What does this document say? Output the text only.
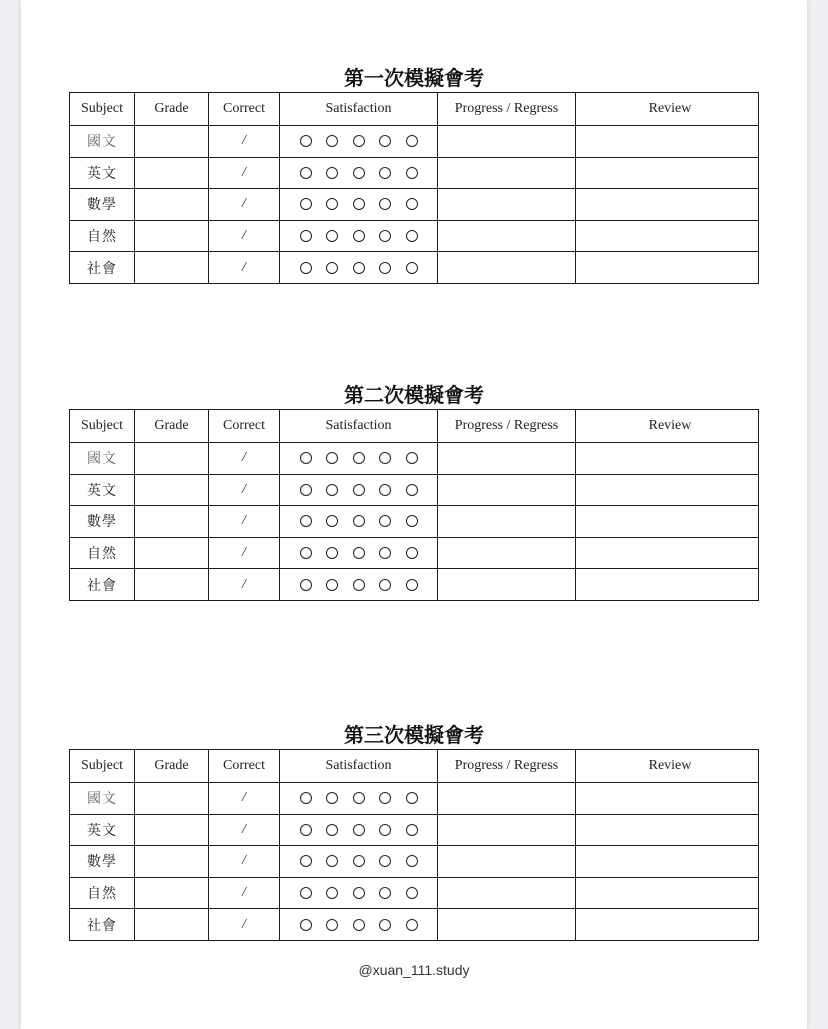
第一次模擬會考
Subject	Grade	Correct	Satisfaction	Progress / Regress	Review
國文		/	

英文		/	

數學		/	

自然		/	

社會		/	

第二次模擬會考
Subject	Grade	Correct	Satisfaction	Progress / Regress	Review
國文		/	

英文		/	

數學		/	

自然		/	

社會		/	

第三次模擬會考
Subject	Grade	Correct	Satisfaction	Progress / Regress	Review
國文		/	

英文		/	

數學		/	

自然		/	

社會		/	

@xuan_111.study
